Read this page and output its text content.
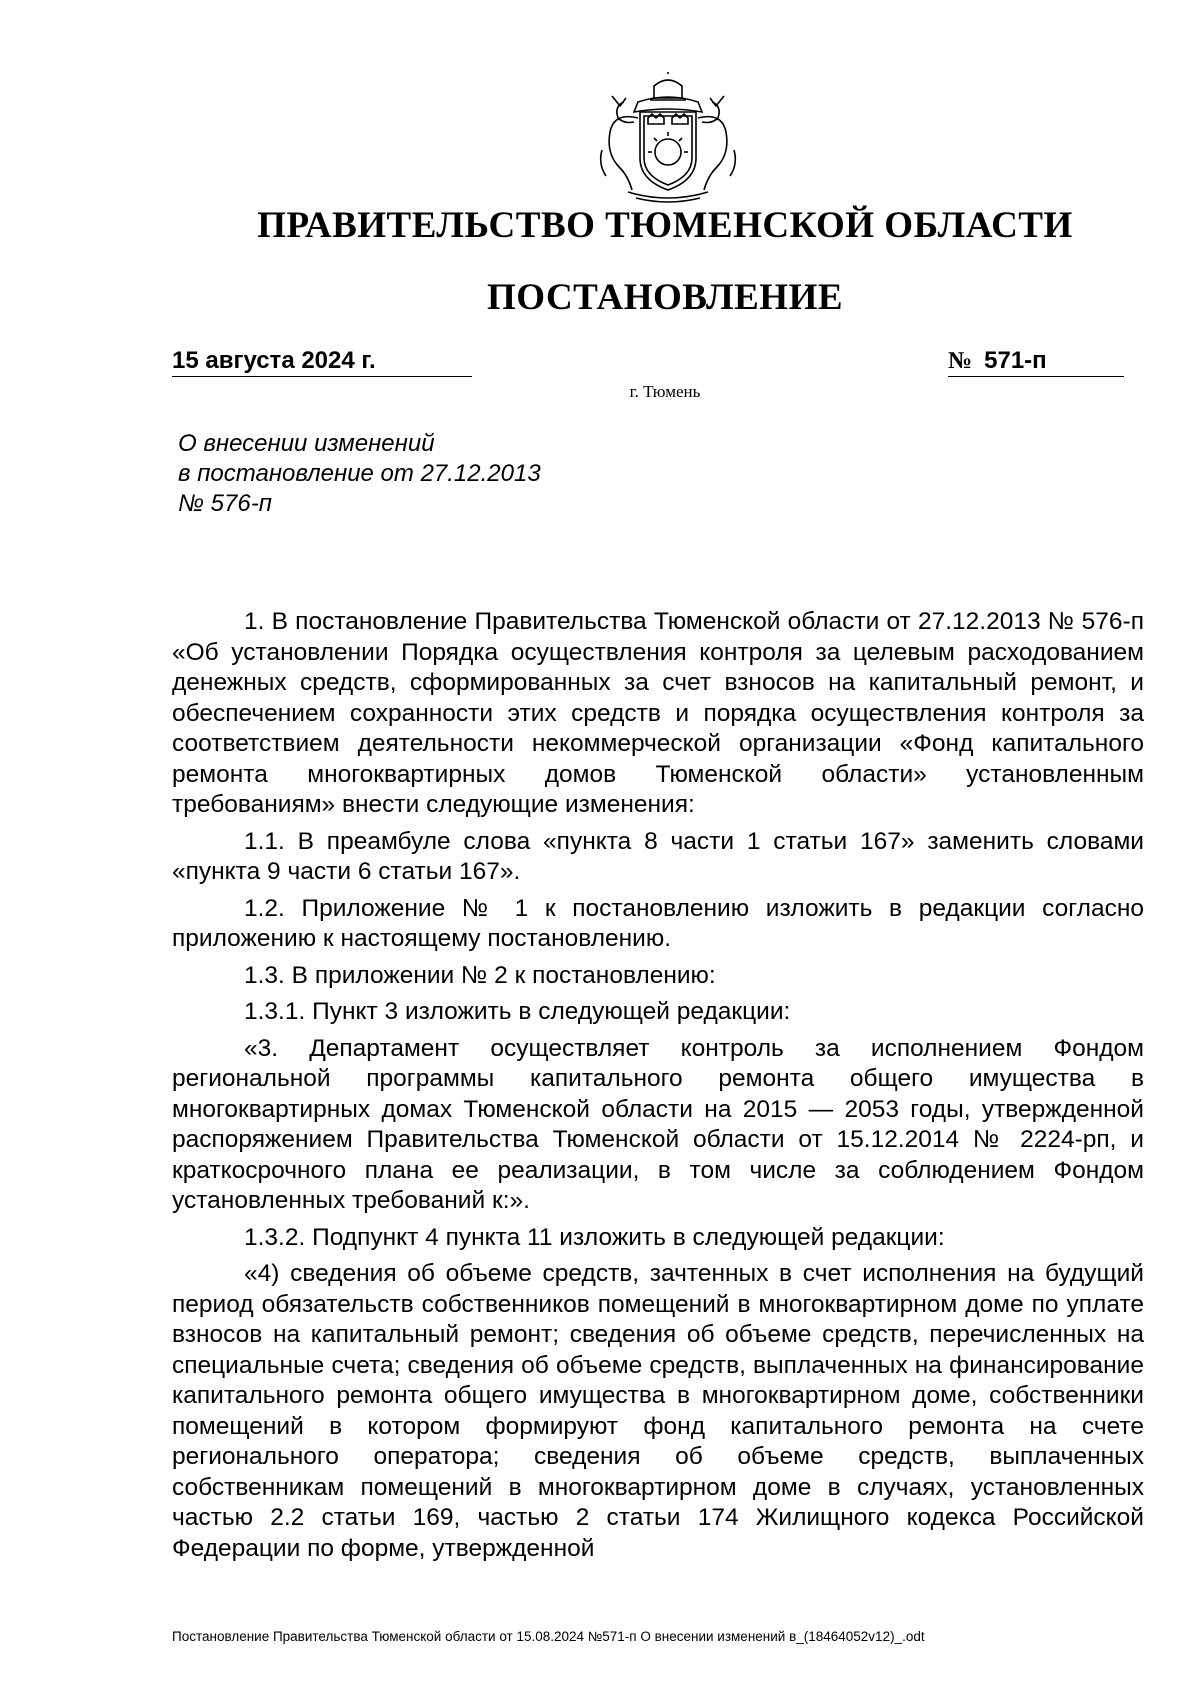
ПРАВИТЕЛЬСТВО ТЮМЕНСКОЙ ОБЛАСТИ
ПОСТАНОВЛЕНИЕ
15 августа 2024 г.	№ 571-п
г. Тюмень
О внесении изменений
в постановление от 27.12.2013
№ 576-п

1. В постановление Правительства Тюменской области от 27.12.2013 № 576-п «Об установлении Порядка осуществления контроля за целевым расходованием денежных средств, сформированных за счет взносов на капитальный ремонт, и обеспечением сохранности этих средств и порядка осуществления контроля за соответствием деятельности некоммерческой организации «Фонд капитального ремонта многоквартирных домов Тюменской области» установленным требованиям» внести следующие изменения:

1.1. В преамбуле слова «пункта 8 части 1 статьи 167» заменить словами «пункта 9 части 6 статьи 167».

1.2. Приложение № 1 к постановлению изложить в редакции согласно приложению к настоящему постановлению.

1.3. В приложении № 2 к постановлению:

1.3.1. Пункт 3 изложить в следующей редакции:

«3. Департамент осуществляет контроль за исполнением Фондом региональной программы капитального ремонта общего имущества в многоквартирных домах Тюменской области на 2015 — 2053 годы, утвержденной распоряжением Правительства Тюменской области от 15.12.2014 № 2224-рп, и краткосрочного плана ее реализации, в том числе за соблюдением Фондом установленных требований к:».

1.3.2. Подпункт 4 пункта 11 изложить в следующей редакции:

«4) сведения об объеме средств, зачтенных в счет исполнения на будущий период обязательств собственников помещений в многоквартирном доме по уплате взносов на капитальный ремонт; сведения об объеме средств, перечисленных на специальные счета; сведения об объеме средств, выплаченных на финансирование капитального ремонта общего имущества в многоквартирном доме, собственники помещений в котором формируют фонд капитального ремонта на счете регионального оператора; сведения об объеме средств, выплаченных собственникам помещений в многоквартирном доме в случаях, установленных частью 2.2 статьи 169, частью 2 статьи 174 Жилищного кодекса Российской Федерации по форме, утвержденной

Постановление Правительства Тюменской области от 15.08.2024 №571-п О внесении изменений в_(18464052v12)_.odt
